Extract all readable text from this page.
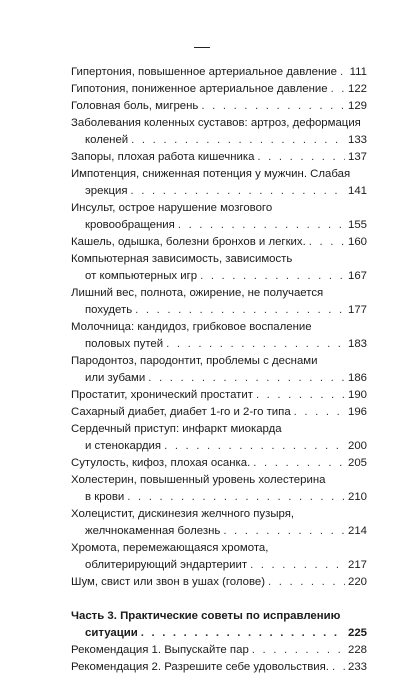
Гипертония, повышенное артериальное давление . . . 111
Гипотония, пониженное артериальное давление . . . 122
Головная боль, мигрень . . .	129
Заболевания коленных суставов: артроз, деформация
коленей . . .	133
Запоры, плохая работа кишечника . . .	137
Импотенция, сниженная потенция у мужчин. Слабая
эрекция . . .	141
Инсульт, острое нарушение мозгового
кровообращения . . .	155
Кашель, одышка, болезни бронхов и легких. . . .	160
Компьютерная зависимость, зависимость
от компьютерных игр . . .	167
Лишний вес, полнота, ожирение, не получается
похудеть . . .	177
Молочница: кандидоз, грибковое воспаление
половых путей . . .	183
Пародонтоз, пародонтит, проблемы с деснами
или зубами . . .	186
Простатит, хронический простатит . . .	190
Сахарный диабет, диабет 1-го и 2-го типа . . .	196
Сердечный приступ: инфаркт миокарда
и стенокардия . . .	200
Сутулость, кифоз, плохая осанка. . . .	205
Холестерин, повышенный уровень холестерина
в крови . . .	210
Холецистит, дискинезия желчного пузыря,
желчнокаменная болезнь . . .	214
Хромота, перемежающаяся хромота,
облитерирующий эндартериит . . .	217
Шум, свист или звон в ушах (голове) . . .	220
Часть 3. Практические советы по исправлению
ситуации . . .	225
Рекомендация 1. Выпускайте пар . . .	228
Рекомендация 2. Разрешите себе удовольствия. . . . 233
